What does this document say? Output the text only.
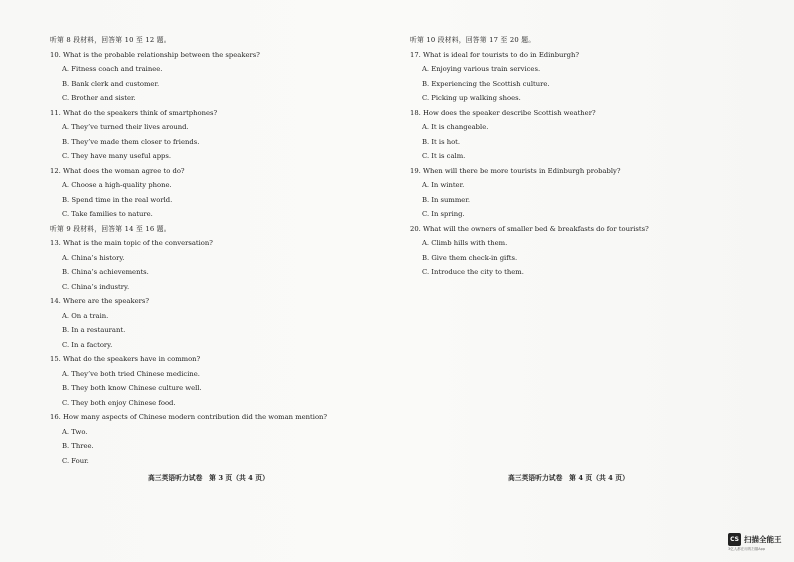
听第 8 段材料，回答第 10 至 12 题。
10. What is the probable relationship between the speakers?
A. Fitness coach and trainee.
B. Bank clerk and customer.
C. Brother and sister.
11. What do the speakers think of smartphones?
A. They’ve turned their lives around.
B. They’ve made them closer to friends.
C. They have many useful apps.
12. What does the woman agree to do?
A. Choose a high-quality phone.
B. Spend time in the real world.
C. Take families to nature.
听第 9 段材料，回答第 14 至 16 题。
13. What is the main topic of the conversation?
A. China’s history.
B. China’s achievements.
C. China’s industry.
14. Where are the speakers?
A. On a train.
B. In a restaurant.
C. In a factory.
15. What do the speakers have in common?
A. They’ve both tried Chinese medicine.
B. They both know Chinese culture well.
C. They both enjoy Chinese food.
16. How many aspects of Chinese modern contribution did the woman mention?
A. Two.
B. Three.
C. Four.
听第 10 段材料，回答第 17 至 20 题。
17. What is ideal for tourists to do in Edinburgh?
A. Enjoying various train services.
B. Experiencing the Scottish culture.
C. Picking up walking shoes.
18. How does the speaker describe Scottish weather?
A. It is changeable.
B. It is hot.
C. It is calm.
19. When will there be more tourists in Edinburgh probably?
A. In winter.
B. In summer.
C. In spring.
20. What will the owners of smaller bed & breakfasts do for tourists?
A. Climb hills with them.
B. Give them check-in gifts.
C. Introduce the city to them.
高三英语听力试卷　第 3 页（共 4 页）	高三英语听力试卷　第 4 页（共 4 页）
CS 扫描全能王
3亿人都在用的扫描App
